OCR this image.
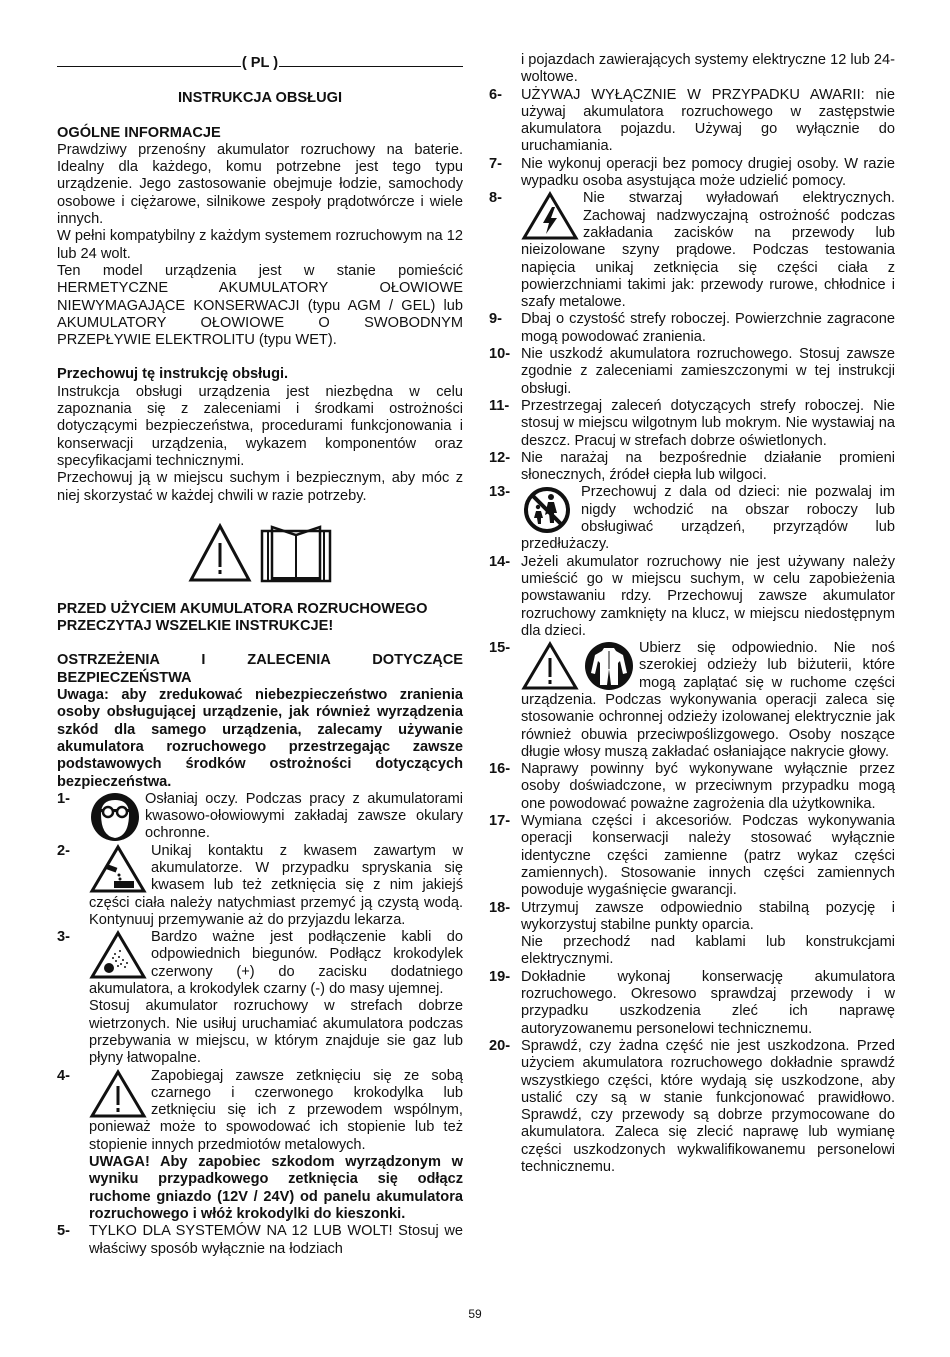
( PL )

INSTRUKCJA OBSŁUGI

OGÓLNE INFORMACJE

Prawdziwy przenośny akumulator rozruchowy na baterie. Idealny dla każdego, komu potrzebne jest tego typu urządzenie. Jego zastosowanie obejmuje łodzie, samochody osobowe i ciężarowe, silnikowe zespoły prądotwórcze i wiele innych.

W pełni kompatybilny z każdym systemem rozruchowym na 12 lub 24 wolt.

Ten model urządzenia jest w stanie pomieścić HERMETYCZNE AKUMULATORY OŁOWIOWE NIEWYMAGAJĄCE KONSERWACJI (typu AGM / GEL) lub AKUMULATORY OŁOWIOWE O SWOBODNYM PRZEPŁYWIE ELEKTROLITU (typu WET).

Przechowuj tę instrukcję obsługi.

Instrukcja obsługi urządzenia jest niezbędna w celu zapoznania się z zaleceniami i środkami ostrożności dotyczącymi bezpieczeństwa, procedurami funkcjonowania i konserwacji urządzenia, wykazem komponentów oraz specyfikacjami technicznymi.

Przechowuj ją w miejscu suchym i bezpiecznym, aby móc z niej skorzystać w każdej chwili w razie potrzeby.

PRZED UŻYCIEM AKUMULATORA ROZRUCHOWEGO PRZECZYTAJ WSZELKIE INSTRUKCJE!

OSTRZEŻENIA I ZALECENIA DOTYCZĄCE BEZPIECZEŃSTWA

Uwaga: aby zredukować niebezpieczeństwo zranienia osoby obsługującej urządzenie, jak również wyrządzenia szkód dla samego urządzenia, zalecamy używanie akumulatora rozruchowego przestrzegając zawsze podstawowych środków ostrożności dotyczących bezpieczeństwa.

1-	Osłaniaj oczy. Podczas pracy z akumulatorami kwasowo-ołowiowymi zakładaj zawsze okulary ochronne.

2-	Unikaj kontaktu z kwasem zawartym w akumulatorze. W przypadku spryskania się kwasem lub też zetknięcia się z nim jakiejś części ciała należy natychmiast przemyć ją czystą wodą. Kontynuuj przemywanie aż do przyjazdu lekarza.

3-	Bardzo ważne jest podłączenie kabli do odpowiednich biegunów. Podłącz krokodylek czerwony (+) do zacisku dodatniego akumulatora, a krokodylek czarny (-) do masy ujemnej.

Stosuj akumulator rozruchowy w strefach dobrze wietrzonych. Nie usiłuj uruchamiać akumulatora podczas przebywania w miejscu, w którym znajduje sie gaz lub płyny łatwopalne.

4-	Zapobiegaj zawsze zetknięciu się ze sobą czarnego i czerwonego krokodylka lub zetknięciu się ich z przewodem wspólnym, ponieważ może to spowodować ich stopienie lub też stopienie innych przedmiotów metalowych.

UWAGA! Aby zapobiec szkodom wyrządzonym w wyniku przypadkowego zetknięcia się odłącz ruchome gniazdo (12V / 24V) od panelu akumulatora rozruchowego i włóż krokodylki do kieszonki.

5- TYLKO DLA SYSTEMÓW NA 12 LUB WOLT! Stosuj we właściwy sposób wyłącznie na łodziach

i pojazdach zawierających systemy elektryczne 12 lub 24-woltowe.

6- UŻYWAJ WYŁĄCZNIE W PRZYPADKU AWARII: nie używaj akumulatora rozruchowego w zastępstwie akumulatora pojazdu. Używaj go wyłącznie do uruchamiania.

7- Nie wykonuj operacji bez pomocy drugiej osoby. W razie wypadku osoba asystująca może udzielić pomocy.

8-	Nie stwarzaj wyładowań elektrycznych. Zachowaj nadzwyczajną ostrożność podczas zakładania zacisków na przewody lub nieizolowane szyny prądowe. Podczas testowania napięcia unikaj zetknięcia się części ciała z powierzchniami takimi jak: przewody rurowe, chłodnice i szafy metalowe.

9- Dbaj o czystość strefy roboczej. Powierzchnie zagracone mogą powodować zranienia.

10- Nie uszkodź akumulatora rozruchowego. Stosuj zawsze zgodnie z zaleceniami zamieszczonymi w tej instrukcji obsługi.

11- Przestrzegaj zaleceń dotyczących strefy roboczej. Nie stosuj w miejscu wilgotnym lub mokrym. Nie wystawiaj na deszcz. Pracuj w strefach dobrze oświetlonych.

12- Nie narażaj na bezpośrednie działanie promieni słonecznych, źródeł ciepła lub wilgoci.

13-	Przechowuj z dala od dzieci: nie pozwalaj im nigdy wchodzić na obszar roboczy lub obsługiwać urządzeń, przyrządów lub przedłużaczy.

14- Jeżeli akumulator rozruchowy nie jest używany należy umieścić go w miejscu suchym, w celu zapobieżenia powstawaniu rdzy. Przechowuj zawsze akumulator rozruchowy zamknięty na klucz, w miejscu niedostępnym dla dzieci.

15-	Ubierz się odpowiednio. Nie noś szerokiej odzieży lub biżuterii, które mogą zaplątać się w ruchome części urządzenia. Podczas wykonywania operacji zaleca się stosowanie ochronnej odzieży izolowanej elektrycznie jak również obuwia przeciwpoślizgowego. Osoby noszące długie włosy muszą zakładać osłaniające nakrycie głowy.

16- Naprawy powinny być wykonywane wyłącznie przez osoby doświadczone, w przeciwnym przypadku mogą one powodować poważne zagrożenia dla użytkownika.

17- Wymiana części i akcesoriów. Podczas wykonywania operacji konserwacji należy stosować wyłącznie identyczne części zamienne (patrz wykaz części zamiennych). Stosowanie innych części zamiennych powoduje wygaśnięcie gwarancji.

18- Utrzymuj zawsze odpowiednio stabilną pozycję i wykorzystuj stabilne punkty oparcia.

Nie przechodź nad kablami lub konstrukcjami elektrycznymi.

19- Dokładnie wykonaj konserwację akumulatora rozruchowego. Okresowo sprawdzaj przewody i w przypadku uszkodzenia zleć ich naprawę autoryzowanemu personelowi technicznemu.

20- Sprawdź, czy żadna część nie jest uszkodzona. Przed użyciem akumulatora rozruchowego dokładnie sprawdź wszystkiego części, które wydają się uszkodzone, aby ustalić czy są w stanie funkcjonować prawidłowo. Sprawdź, czy przewody są dobrze przymocowane do akumulatora. Zaleca się zlecić naprawę lub wymianę części uszkodzonych wykwalifikowanemu personelowi technicznemu.

59
